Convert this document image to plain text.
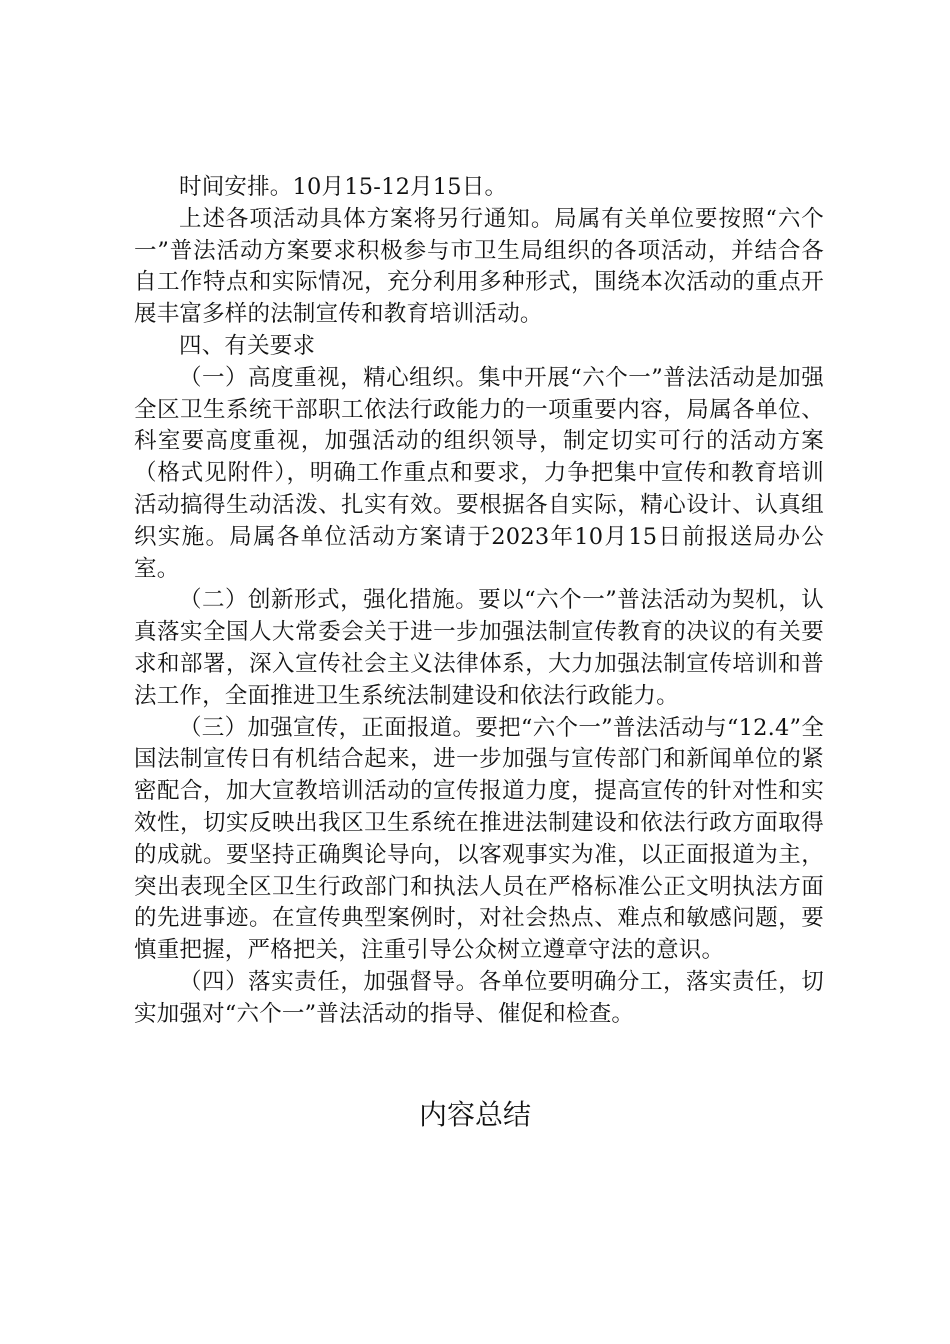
时间安排。10月15-12月15日。

上述各项活动具体方案将另行通知。局属有关单位要按照“六个一”普法活动方案要求积极参与市卫生局组织的各项活动，并结合各自工作特点和实际情况，充分利用多种形式，围绕本次活动的重点开展丰富多样的法制宣传和教育培训活动。

四、有关要求

（一）高度重视，精心组织。集中开展“六个一”普法活动是加强全区卫生系统干部职工依法行政能力的一项重要内容，局属各单位、科室要高度重视，加强活动的组织领导，制定切实可行的活动方案（格式见附件），明确工作重点和要求，力争把集中宣传和教育培训活动搞得生动活泼、扎实有效。要根据各自实际，精心设计、认真组织实施。局属各单位活动方案请于2023年10月15日前报送局办公室。

（二）创新形式，强化措施。要以“六个一”普法活动为契机，认真落实全国人大常委会关于进一步加强法制宣传教育的决议的有关要求和部署，深入宣传社会主义法律体系，大力加强法制宣传培训和普法工作，全面推进卫生系统法制建设和依法行政能力。

（三）加强宣传，正面报道。要把“六个一”普法活动与“12.4”全国法制宣传日有机结合起来，进一步加强与宣传部门和新闻单位的紧密配合，加大宣教培训活动的宣传报道力度，提高宣传的针对性和实效性，切实反映出我区卫生系统在推进法制建设和依法行政方面取得的成就。要坚持正确舆论导向，以客观事实为准，以正面报道为主，突出表现全区卫生行政部门和执法人员在严格标准公正文明执法方面的先进事迹。在宣传典型案例时，对社会热点、难点和敏感问题，要慎重把握，严格把关，注重引导公众树立遵章守法的意识。

（四）落实责任，加强督导。各单位要明确分工，落实责任，切实加强对“六个一”普法活动的指导、催促和检查。

内容总结
